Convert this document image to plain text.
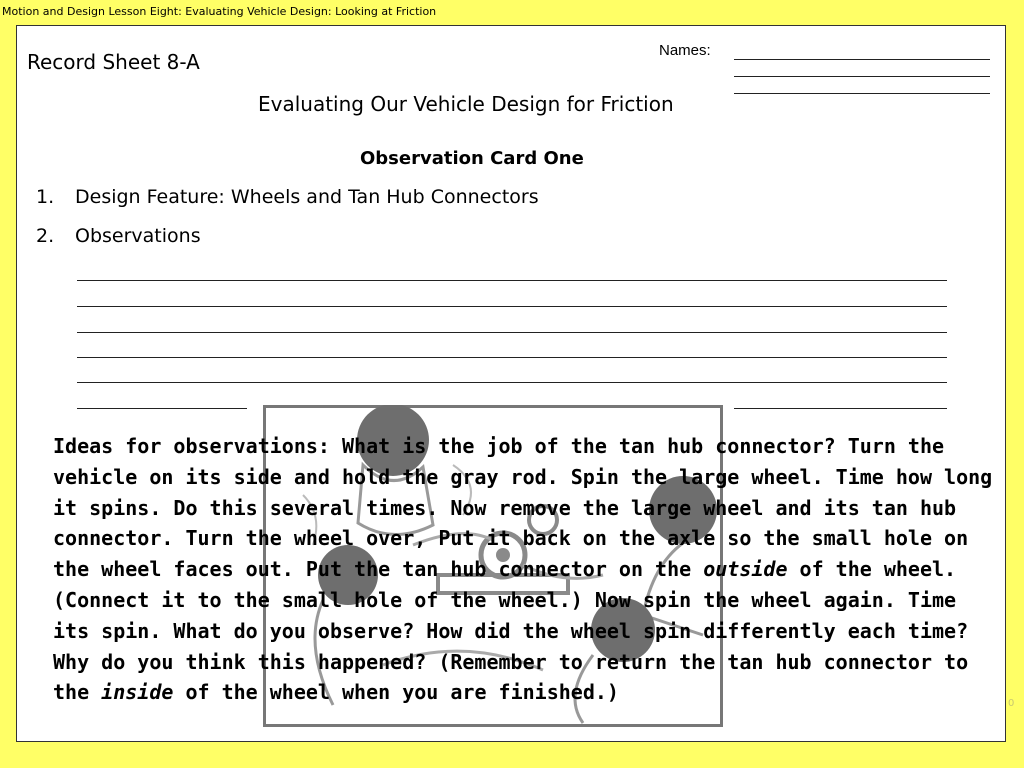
Motion and Design Lesson Eight: Evaluating Vehicle Design: Looking at Friction
Record Sheet 8-A	Names:
Evaluating Our Vehicle Design for Friction
Observation Card One
1. Design Feature: Wheels and Tan Hub Connectors
2. Observations
Ideas for observations: What is the job of the tan hub connector? Turn the vehicle on its side and hold the gray rod. Spin the large wheel. Time how long it spins. Do this several times. Now remove the large wheel and its tan hub connector. Turn the wheel over, Put it back on the axle so the small hole on the wheel faces out. Put the tan hub connector on the outside of the wheel. (Connect it to the small hole of the wheel.) Now spin the wheel again. Time its spin. What do you observe? How did the wheel spin differently each time? Why do you think this happened? (Remember to return the tan hub connector to the inside of the wheel when you are finished.)	0
